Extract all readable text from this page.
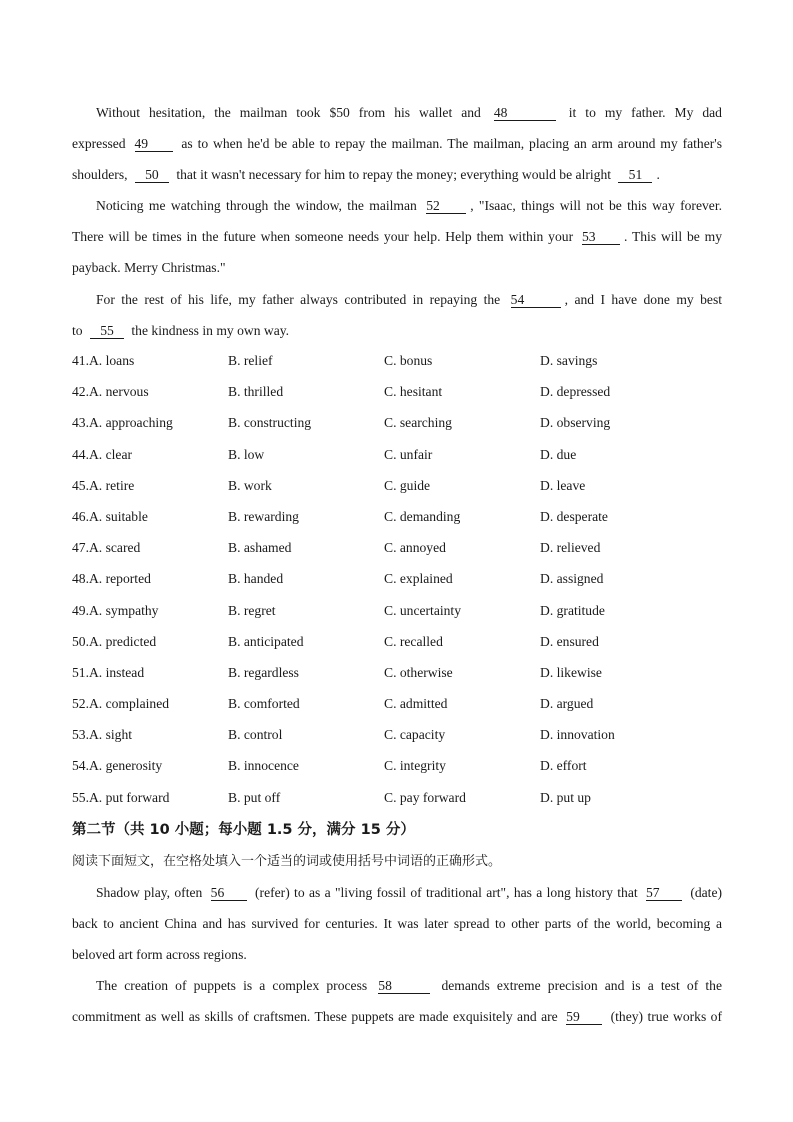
Without hesitation, the mailman took $50 from his wallet and 48	it to my father. My dad
expressed 49 as to when he'd be able to repay the mailman. The mailman, placing an arm around my father's
shoulders, 50 that it wasn't necessary for him to repay the money; everything would be alright 51 .
Noticing me watching through the window, the mailman 52 , "Isaac, things will not be this way forever.
There will be times in the future when someone needs your help. Help them within your 53 . This will be my
payback. Merry Christmas."
For the rest of his life, my father always contributed in repaying the 54	, and I have done my best
to 55 the kindness in my own way.
41.A. loans	B. relief	C. bonus	D. savings
42.A. nervous	B. thrilled	C. hesitant	D. depressed
43.A. approaching	B. constructing	C. searching	D. observing
44.A. clear	B. low	C. unfair	D. due
45.A. retire	B. work	C. guide	D. leave
46.A. suitable	B. rewarding	C. demanding	D. desperate
47.A. scared	B. ashamed	C. annoyed	D. relieved
48.A. reported	B. handed	C. explained	D. assigned
49.A. sympathy	B. regret	C. uncertainty	D. gratitude
50.A. predicted	B. anticipated	C. recalled	D. ensured
51.A. instead	B. regardless	C. otherwise	D. likewise
52.A. complained	B. comforted	C. admitted	D. argued
53.A. sight	B. control	C. capacity	D. innovation
54.A. generosity	B. innocence	C. integrity	D. effort
55.A. put forward	B. put off	C. pay forward	D. put up
第二节（共 10 小题；每小题 1.5 分，满分 15 分）
阅读下面短文，在空格处填入一个适当的词或使用括号中词语的正确形式。
Shadow play, often 56 (refer) to as a "living fossil of traditional art", has a long history that 57 (date)
back to ancient China and has survived for centuries. It was later spread to other parts of the world, becoming a
beloved art form across regions.
The creation of puppets is a complex process 58	demands extreme precision and is a test of the
commitment as well as skills of craftsmen. These puppets are made exquisitely and are 59 (they) true works of
